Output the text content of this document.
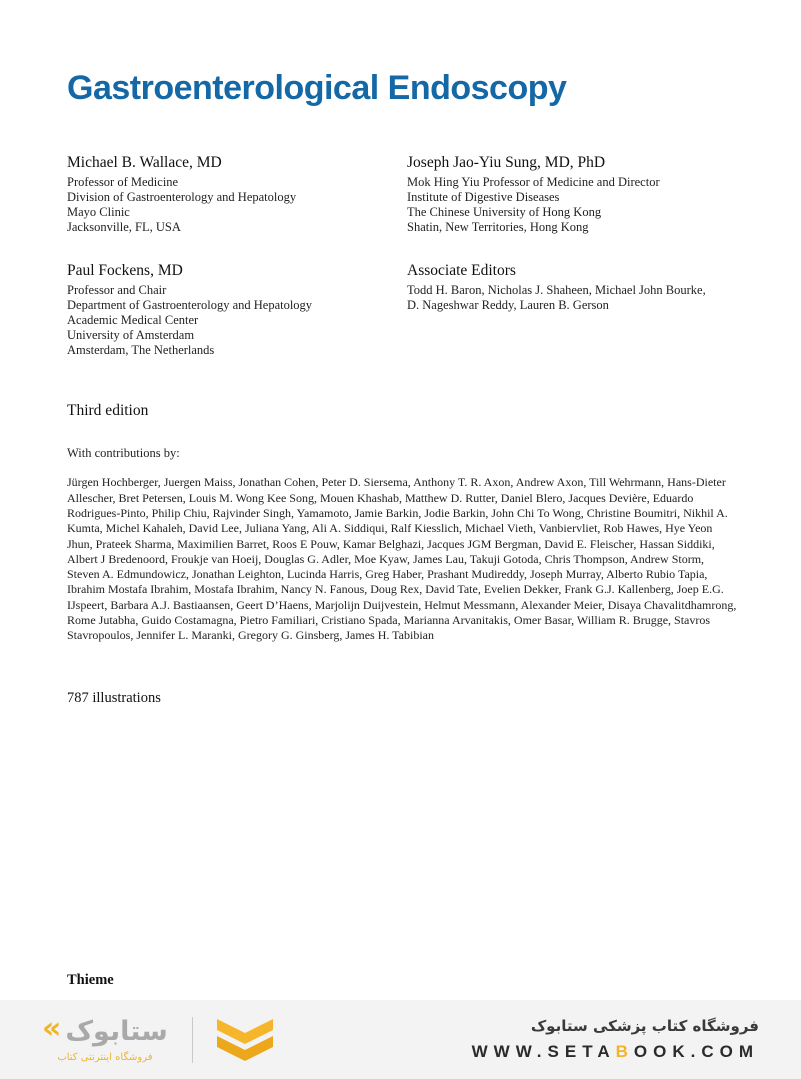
Gastroenterological Endoscopy
Michael B. Wallace, MD
Professor of Medicine
Division of Gastroenterology and Hepatology
Mayo Clinic
Jacksonville, FL, USA
Joseph Jao-Yiu Sung, MD, PhD
Mok Hing Yiu Professor of Medicine and Director
Institute of Digestive Diseases
The Chinese University of Hong Kong
Shatin, New Territories, Hong Kong
Paul Fockens, MD
Professor and Chair
Department of Gastroenterology and Hepatology
Academic Medical Center
University of Amsterdam
Amsterdam, The Netherlands
Associate Editors
Todd H. Baron, Nicholas J. Shaheen, Michael John Bourke,
D. Nageshwar Reddy, Lauren B. Gerson
Third edition
With contributions by:

Jürgen Hochberger, Juergen Maiss, Jonathan Cohen, Peter D. Siersema, Anthony T. R. Axon, Andrew Axon, Till Wehrmann, Hans-Dieter Allescher, Bret Petersen, Louis M. Wong Kee Song, Mouen Khashab, Matthew D. Rutter, Daniel Blero, Jacques Devière, Eduardo Rodrigues-Pinto, Philip Chiu, Rajvinder Singh, Yamamoto, Jamie Barkin, Jodie Barkin, John Chi To Wong, Christine Boumitri, Nikhil A. Kumta, Michel Kahaleh, David Lee, Juliana Yang, Ali A. Siddiqui, Ralf Kiesslich, Michael Vieth, Vanbiervliet, Rob Hawes, Hye Yeon Jhun, Prateek Sharma, Maximilien Barret, Roos E Pouw, Kamar Belghazi, Jacques JGM Bergman, David E. Fleischer, Hassan Siddiki, Albert J Bredenoord, Froukje van Hoeij, Douglas G. Adler, Moe Kyaw, James Lau, Takuji Gotoda, Chris Thompson, Andrew Storm, Steven A. Edmundowicz, Jonathan Leighton, Lucinda Harris, Greg Haber, Prashant Mudireddy, Joseph Murray, Alberto Rubio Tapia, Ibrahim Mostafa Ibrahim, Mostafa Ibrahim, Nancy N. Fanous, Doug Rex, David Tate, Evelien Dekker, Frank G.J. Kallenberg, Joep E.G. IJspeert, Barbara A.J. Bastiaansen, Geert D’Haens, Marjolijn Duijvestein, Helmut Messmann, Alexander Meier, Disaya Chavalitdhamrong, Rome Jutabha, Guido Costamagna, Pietro Familiari, Cristiano Spada, Marianna Arvanitakis, Omer Basar, William R. Brugge, Stavros Stavropoulos, Jennifer L. Maranki, Gregory G. Ginsberg, James H. Tabibian

787 illustrations
Thieme
« ستابوک
فروشگاه اینترنتی کتاب
فروشگاه کتاب پزشکی ستابوک
WWW.SETABOOK.COM
